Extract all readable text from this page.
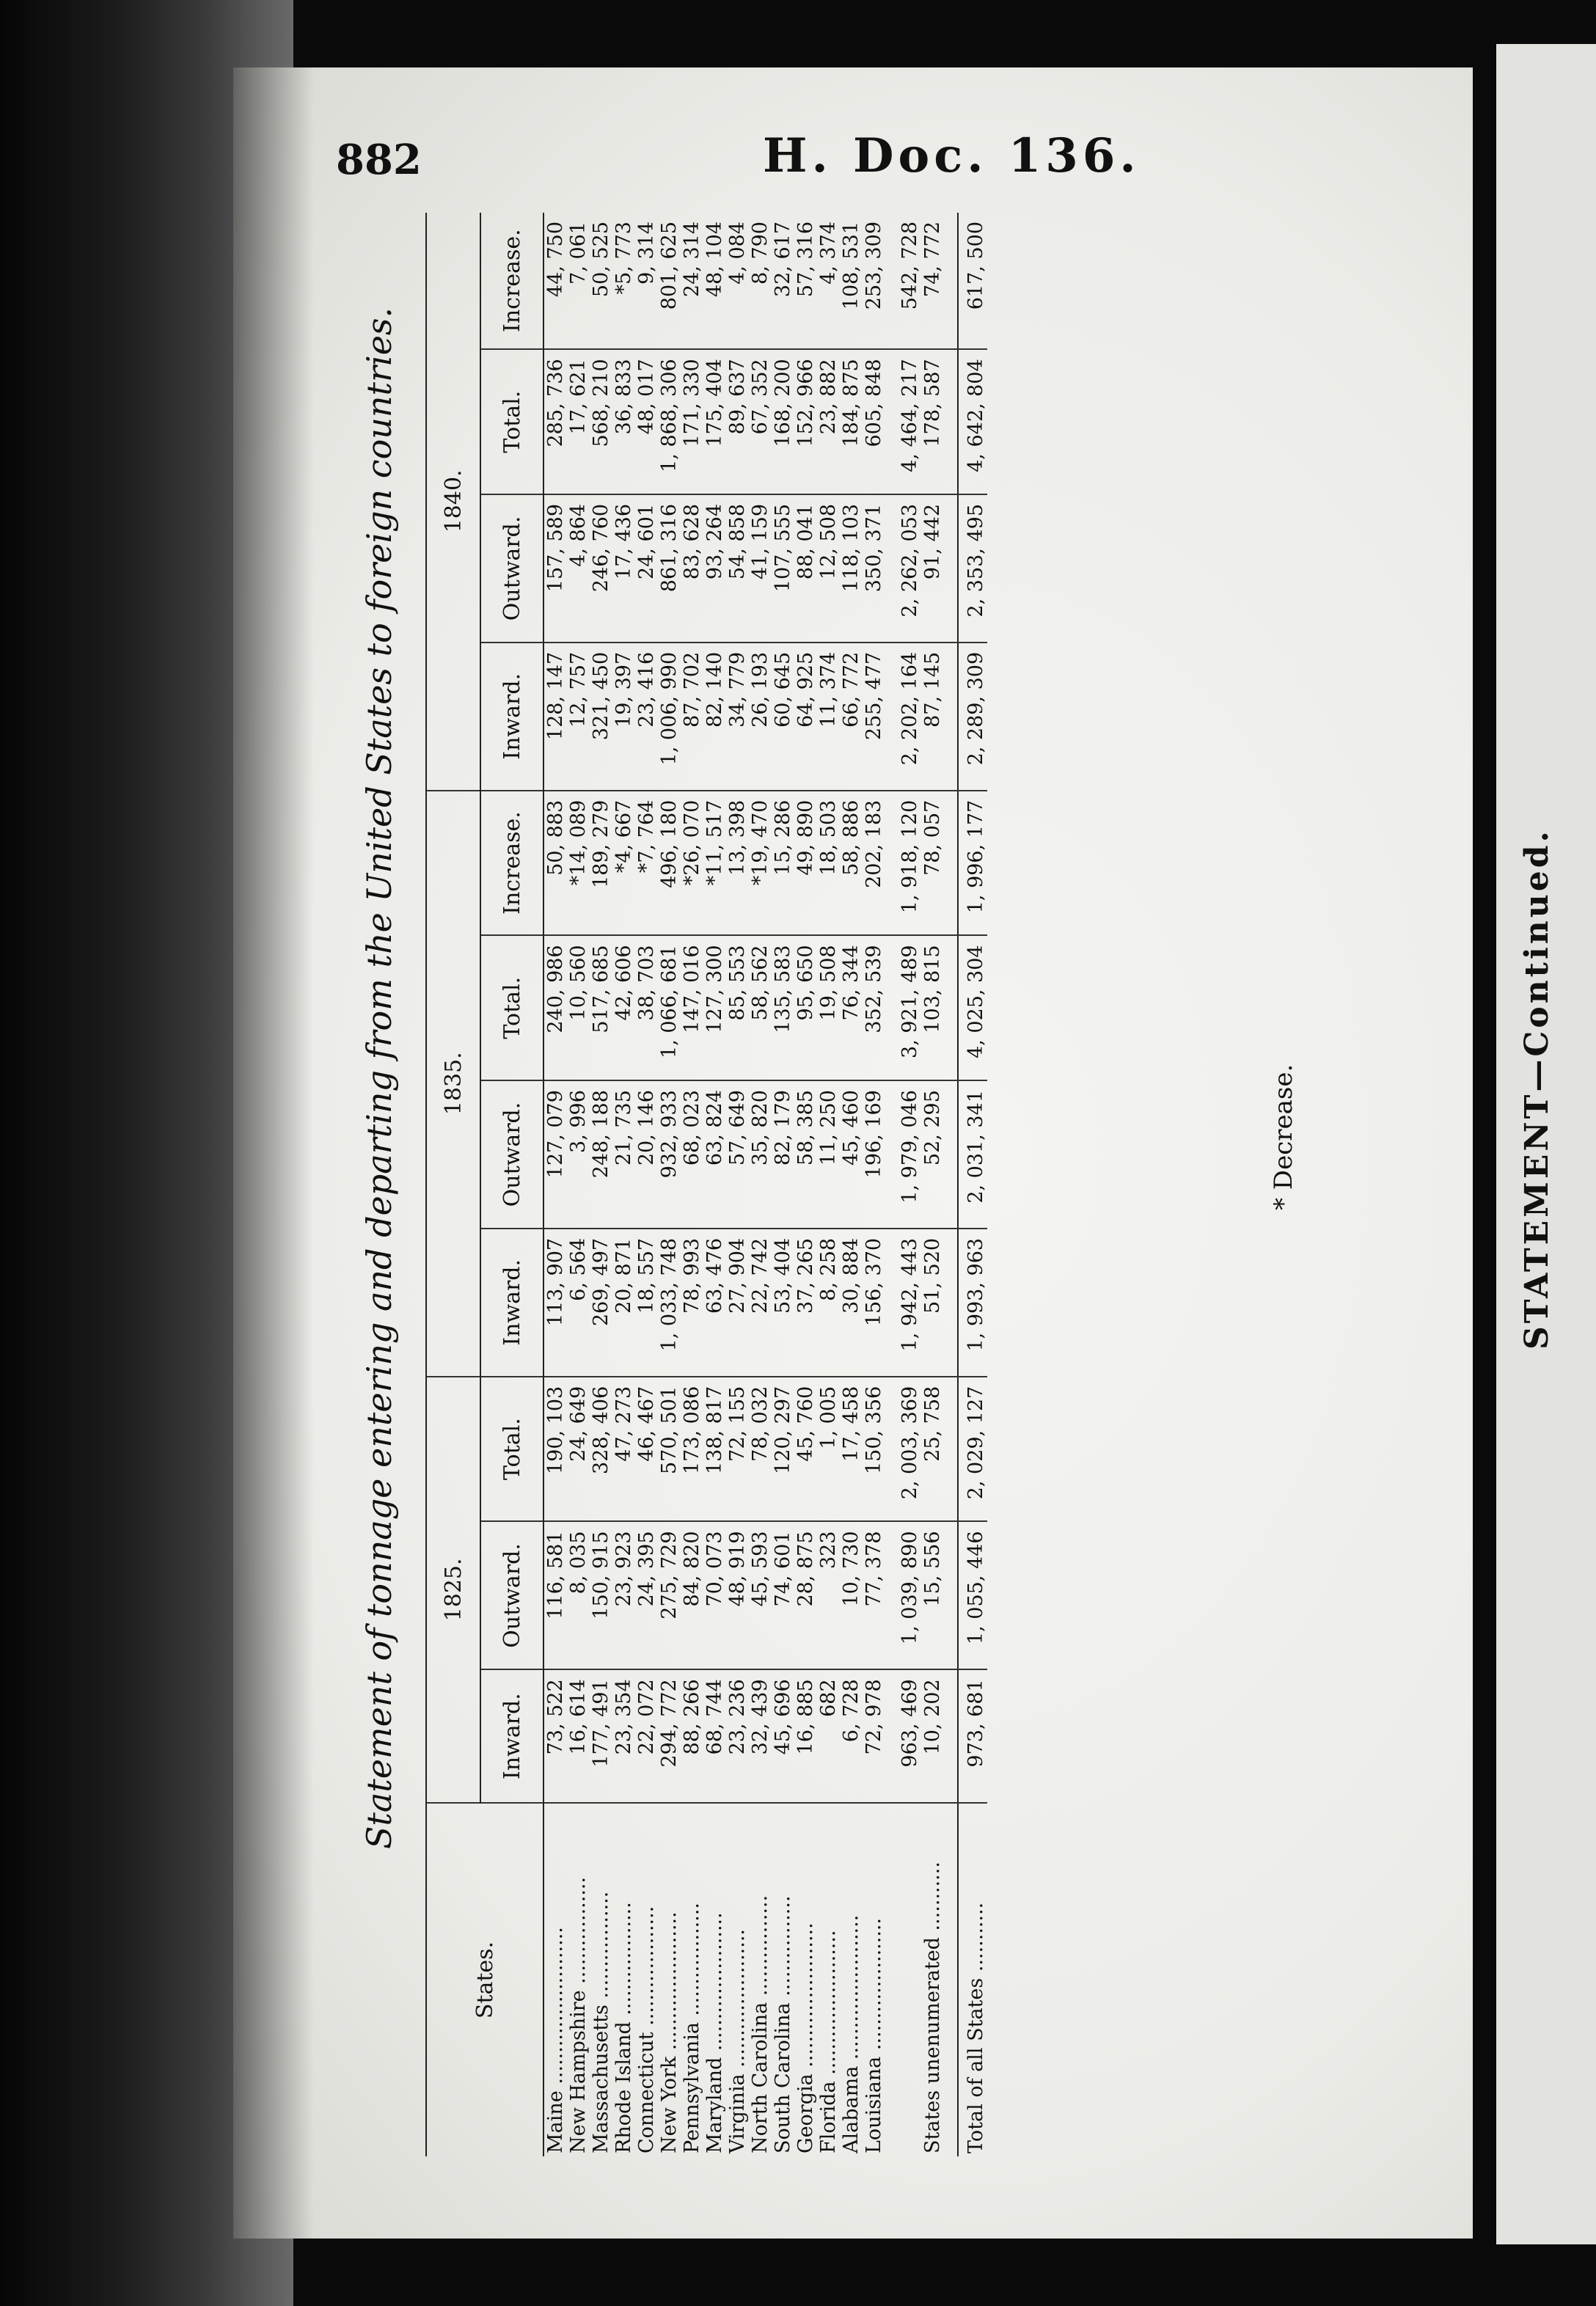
STATEMENT—Continued.
882	H. Doc. 136.
Statement of tonnage entering and departing from the United States to foreign countries.
States.	1825.			1835.				1840.			
	Inward.	Outward.	Total.	Inward.	Outward.	Total.	Increase.	Inward.	Outward.	Total.	Increase.
Maine .........................	73, 522	116, 581	190, 103	113, 907	127, 079	240, 986	50, 883	128, 147	157, 589	285, 736	44, 750
New Hampshire .................	16, 614	8, 035	24, 649	6, 564	3, 996	10, 560	*14, 089	12, 757	4, 864	17, 621	7, 061
Massachusetts .................	177, 491	150, 915	328, 406	269, 497	248, 188	517, 685	189, 279	321, 450	246, 760	568, 210	50, 525
Rhode Island ..................	23, 354	23, 923	47, 273	20, 871	21, 735	42, 606	*4, 667	19, 397	17, 436	36, 833	*5, 773
Connecticut ...................	22, 072	24, 395	46, 467	18, 557	20, 146	38, 703	*7, 764	23, 416	24, 601	48, 017	9, 314
New York ......................	294, 772	275, 729	570, 501	1, 033, 748	932, 933	1, 066, 681	496, 180	1, 006, 990	861, 316	1, 868, 306	801, 625
Pennsylvania ..................	88, 266	84, 820	173, 086	78, 993	68, 023	147, 016	*26, 070	87, 702	83, 628	171, 330	24, 314
Maryland ......................	68, 744	70, 073	138, 817	63, 476	63, 824	127, 300	*11, 517	82, 140	93, 264	175, 404	48, 104
Virginia ......................	23, 236	48, 919	72, 155	27, 904	57, 649	85, 553	13, 398	34, 779	54, 858	89, 637	4, 084
North Carolina ................	32, 439	45, 593	78, 032	22, 742	35, 820	58, 562	*19, 470	26, 193	41, 159	67, 352	8, 790
South Carolina ................	45, 696	74, 601	120, 297	53, 404	82, 179	135, 583	15, 286	60, 645	107, 555	168, 200	32, 617
Georgia .......................	16, 885	28, 875	45, 760	37, 265	58, 385	95, 650	49, 890	64, 925	88, 041	152, 966	57, 316
Florida .......................	682	323	1, 005	8, 258	11, 250	19, 508	18, 503	11, 374	12, 508	23, 882	4, 374
Alabama .......................	6, 728	10, 730	17, 458	30, 884	45, 460	76, 344	58, 886	66, 772	118, 103	184, 875	108, 531
Louisiana .....................	72, 978	77, 378	150, 356	156, 370	196, 169	352, 539	202, 183	255, 477	350, 371	605, 848	253, 309
	963, 469	1, 039, 890	2, 003, 369	1, 942, 443	1, 979, 046	3, 921, 489	1, 918, 120	2, 202, 164	2, 262, 053	4, 464, 217	542, 728
States unenumerated ...........	10, 202	15, 556	25, 758	51, 520	52, 295	103, 815	78, 057	87, 145	91, 442	178, 587	74, 772
Total of all States ...........	973, 681	1, 055, 446	2, 029, 127	1, 993, 963	2, 031, 341	4, 025, 304	1, 996, 177	2, 289, 309	2, 353, 495	4, 642, 804	617, 500
* Decrease.
